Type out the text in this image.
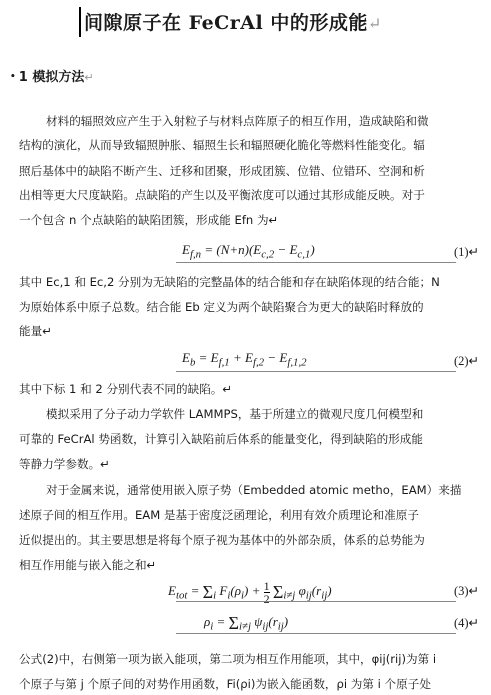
间隙原子在 FeCrAl 中的形成能↵
• 1 模拟方法↵
材料的辐照效应产生于入射粒子与材料点阵原子的相互作用，造成缺陷和微
结构的演化，从而导致辐照肿胀、辐照生长和辐照硬化脆化等燃料性能变化。辐
照后基体中的缺陷不断产生、迁移和团聚，形成团簇、位错、位错环、空洞和析
出相等更大尺度缺陷。点缺陷的产生以及平衡浓度可以通过其形成能反映。对于
一个包含 n 个点缺陷的缺陷团簇，形成能 Efn 为↵
$E_{f,n} = (N+n)(E_{c,2} - E_{c,1})$	(1)↵
其中 Ec,1 和 Ec,2 分别为无缺陷的完整晶体的结合能和存在缺陷体现的结合能；N
为原始体系中原子总数。结合能 Eb 定义为两个缺陷聚合为更大的缺陷时释放的
能量↵
$E_b = E_{f,1} + E_{f,2} - E_{f,1,2}$	(2)↵
其中下标 1 和 2 分别代表不同的缺陷。↵
模拟采用了分子动力学软件 LAMMPS，基于所建立的微观尺度几何模型和
可靠的 FeCrAl 势函数，计算引入缺陷前后体系的能量变化，得到缺陷的形成能
等静力学参数。↵
对于金属来说，通常使用嵌入原子势（Embedded atomic metho，EAM）来描
述原子间的相互作用。EAM 是基于密度泛函理论，利用有效介质理论和准原子
近似提出的。其主要思想是将每个原子视为基体中的外部杂质，体系的总势能为
相互作用能与嵌入能之和↵
$E_{tot} = \Sigma_i$ $F_i(\rho_i) + \frac{1}{2} \Sigma_{i\ne j}$ $\varphi_{ij}(r_{ij})$	(3)↵
$\rho_i = \Sigma_{i\ne j}$ $\psi_{ij}(r_{ij})$	(4)↵
公式(2)中，右侧第一项为嵌入能项，第二项为相互作用能项，其中，φij(rij)为第 i
个原子与第 j 个原子间的对势作用函数，Fi(ρi)为嵌入能函数，ρi 为第 i 个原子处
